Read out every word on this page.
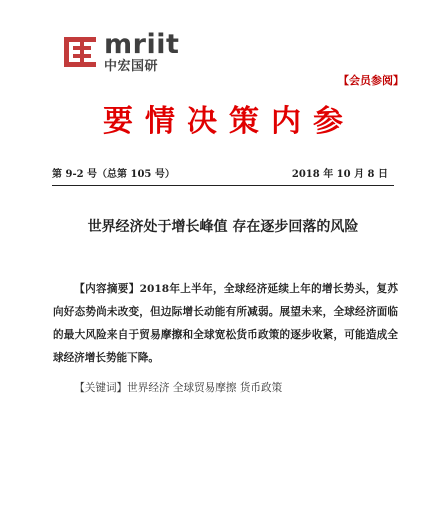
mriit
中宏国研
【会员参阅】
要情决策内参
第 9-2 号（总第 105 号）	2018 年 10 月 8 日
世界经济处于增长峰值 存在逐步回落的风险
【内容摘要】2018年上半年，全球经济延续上年的增长势头，复苏向好态势尚未改变，但边际增长动能有所减弱。展望未来，全球经济面临的最大风险来自于贸易摩擦和全球宽松货币政策的逐步收紧，可能造成全球经济增长势能下降。
【关键词】世界经济 全球贸易摩擦 货币政策
